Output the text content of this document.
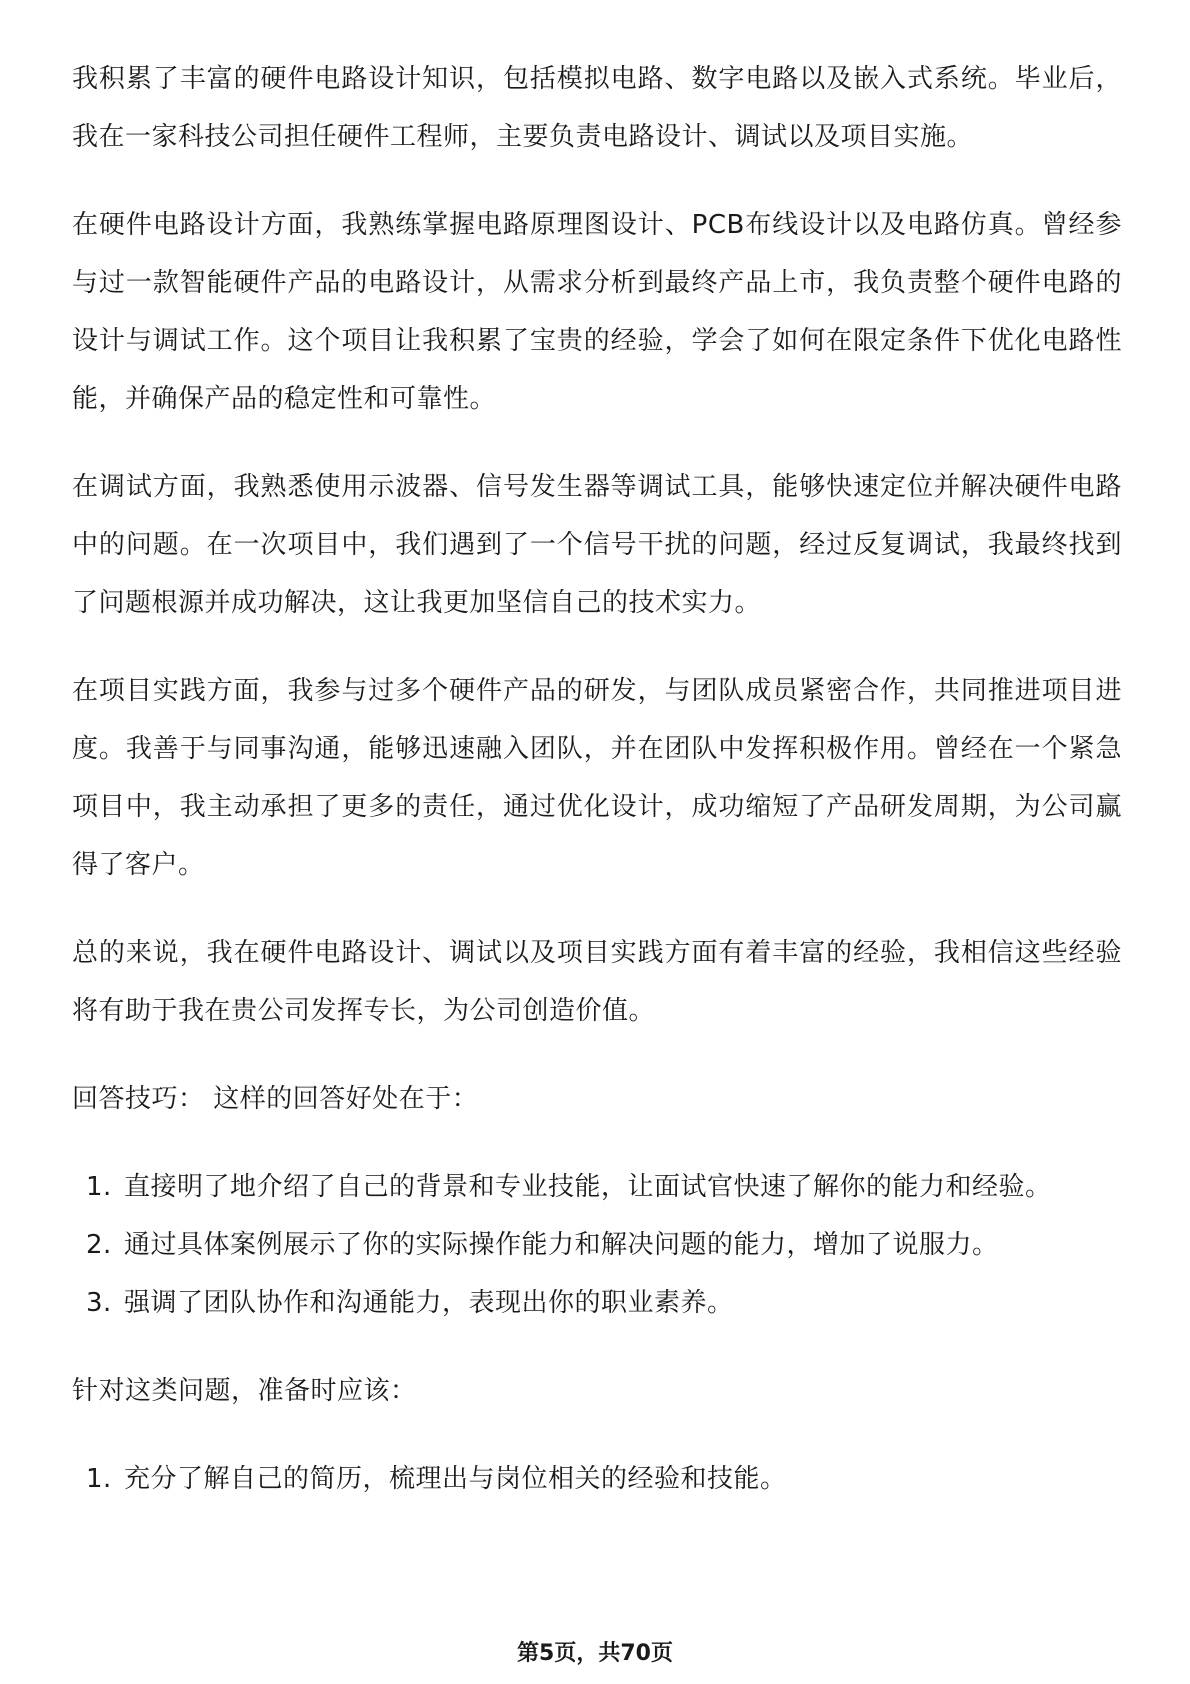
我积累了丰富的硬件电路设计知识，包括模拟电路、数字电路以及嵌入式系统。毕业后，我在一家科技公司担任硬件工程师，主要负责电路设计、调试以及项目实施。

在硬件电路设计方面，我熟练掌握电路原理图设计、PCB布线设计以及电路仿真。曾经参与过一款智能硬件产品的电路设计，从需求分析到最终产品上市，我负责整个硬件电路的设计与调试工作。这个项目让我积累了宝贵的经验，学会了如何在限定条件下优化电路性能，并确保产品的稳定性和可靠性。

在调试方面，我熟悉使用示波器、信号发生器等调试工具，能够快速定位并解决硬件电路中的问题。在一次项目中，我们遇到了一个信号干扰的问题，经过反复调试，我最终找到了问题根源并成功解决，这让我更加坚信自己的技术实力。

在项目实践方面，我参与过多个硬件产品的研发，与团队成员紧密合作，共同推进项目进度。我善于与同事沟通，能够迅速融入团队，并在团队中发挥积极作用。曾经在一个紧急项目中，我主动承担了更多的责任，通过优化设计，成功缩短了产品研发周期，为公司赢得了客户。

总的来说，我在硬件电路设计、调试以及项目实践方面有着丰富的经验，我相信这些经验将有助于我在贵公司发挥专长，为公司创造价值。

回答技巧： 这样的回答好处在于：

1. 直接明了地介绍了自己的背景和专业技能，让面试官快速了解你的能力和经验。
2. 通过具体案例展示了你的实际操作能力和解决问题的能力，增加了说服力。
3. 强调了团队协作和沟通能力，表现出你的职业素养。

针对这类问题，准备时应该：

1. 充分了解自己的简历，梳理出与岗位相关的经验和技能。
第5页，共70页
